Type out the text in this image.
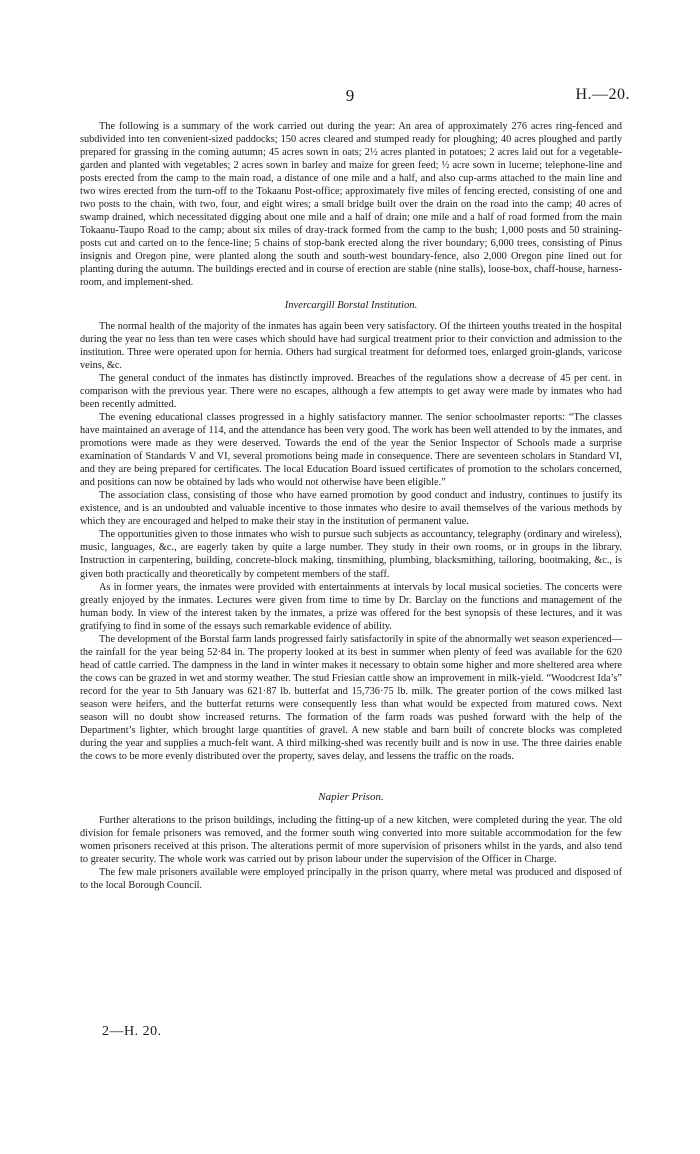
9	H.—20.

The following is a summary of the work carried out during the year: An area of approximately 276 acres ring-fenced and subdivided into ten convenient-sized paddocks; 150 acres cleared and stumped ready for ploughing; 40 acres ploughed and partly prepared for grassing in the coming autumn; 45 acres sown in oats; 2½ acres planted in potatoes; 2 acres laid out for a vegetable-garden and planted with vegetables; 2 acres sown in barley and maize for green feed; ½ acre sown in lucerne; telephone-line and posts erected from the camp to the main road, a distance of one mile and a half, and also cup-arms attached to the main line and two wires erected from the turn-off to the Tokaanu Post-office; approximately five miles of fencing erected, consisting of one and two posts to the chain, with two, four, and eight wires; a small bridge built over the drain on the road into the camp; 40 acres of swamp drained, which necessitated digging about one mile and a half of drain; one mile and a half of road formed from the main Tokaanu-Taupo Road to the camp; about six miles of dray-track formed from the camp to the bush; 1,000 posts and 50 straining-posts cut and carted on to the fence-line; 5 chains of stop-bank erected along the river boundary; 6,000 trees, consisting of Pinus insignis and Oregon pine, were planted along the south and south-west boundary-fence, also 2,000 Oregon pine lined out for planting during the autumn. The buildings erected and in course of erection are stable (nine stalls), loose-box, chaff-house, harness-room, and implement-shed.

Invercargill Borstal Institution.

The normal health of the majority of the inmates has again been very satisfactory. Of the thirteen youths treated in the hospital during the year no less than ten were cases which should have had surgical treatment prior to their conviction and admission to the institution. Three were operated upon for hernia. Others had surgical treatment for deformed toes, enlarged groin-glands, varicose veins, &c.

The general conduct of the inmates has distinctly improved. Breaches of the regulations show a decrease of 45 per cent. in comparison with the previous year. There were no escapes, although a few attempts to get away were made by inmates who had been recently admitted.

The evening educational classes progressed in a highly satisfactory manner. The senior schoolmaster reports: “The classes have maintained an average of 114, and the attendance has been very good. The work has been well attended to by the inmates, and promotions were made as they were deserved. Towards the end of the year the Senior Inspector of Schools made a surprise examination of Standards V and VI, several promotions being made in consequence. There are seventeen scholars in Standard VI, and they are being prepared for certificates. The local Education Board issued certificates of promotion to the scholars concerned, and positions can now be obtained by lads who would not otherwise have been eligible.”

The association class, consisting of those who have earned promotion by good conduct and industry, continues to justify its existence, and is an undoubted and valuable incentive to those inmates who desire to avail themselves of the various methods by which they are encouraged and helped to make their stay in the institution of permanent value.

The opportunities given to those inmates who wish to pursue such subjects as accountancy, telegraphy (ordinary and wireless), music, languages, &c., are eagerly taken by quite a large number. They study in their own rooms, or in groups in the library. Instruction in carpentering, building, concrete-block making, tinsmithing, plumbing, blacksmithing, tailoring, bootmaking, &c., is given both practically and theoretically by competent members of the staff.

As in former years, the inmates were provided with entertainments at intervals by local musical societies. The concerts were greatly enjoyed by the inmates. Lectures were given from time to time by Dr. Barclay on the functions and management of the human body. In view of the interest taken by the inmates, a prize was offered for the best synopsis of these lectures, and it was gratifying to find in some of the essays such remarkable evidence of ability.

The development of the Borstal farm lands progressed fairly satisfactorily in spite of the abnormally wet season experienced—the rainfall for the year being 52·84 in. The property looked at its best in summer when plenty of feed was available for the 620 head of cattle carried. The dampness in the land in winter makes it necessary to obtain some higher and more sheltered area where the cows can be grazed in wet and stormy weather. The stud Friesian cattle show an improvement in milk-yield. “Woodcrest Ida’s” record for the year to 5th January was 621·87 lb. butterfat and 15,736·75 lb. milk. The greater portion of the cows milked last season were heifers, and the butterfat returns were consequently less than what would be expected from matured cows. Next season will no doubt show increased returns. The formation of the farm roads was pushed forward with the help of the Department’s lighter, which brought large quantities of gravel. A new stable and barn built of concrete blocks was completed during the year and supplies a much-felt want. A third milking-shed was recently built and is now in use. The three dairies enable the cows to be more evenly distributed over the property, saves delay, and lessens the traffic on the roads.

Napier Prison.

Further alterations to the prison buildings, including the fitting-up of a new kitchen, were completed during the year. The old division for female prisoners was removed, and the former south wing converted into more suitable accommodation for the few women prisoners received at this prison. The alterations permit of more supervision of prisoners whilst in the yards, and also tend to greater security. The whole work was carried out by prison labour under the supervision of the Officer in Charge.

The few male prisoners available were employed principally in the prison quarry, where metal was produced and disposed of to the local Borough Council.

2—H. 20.
